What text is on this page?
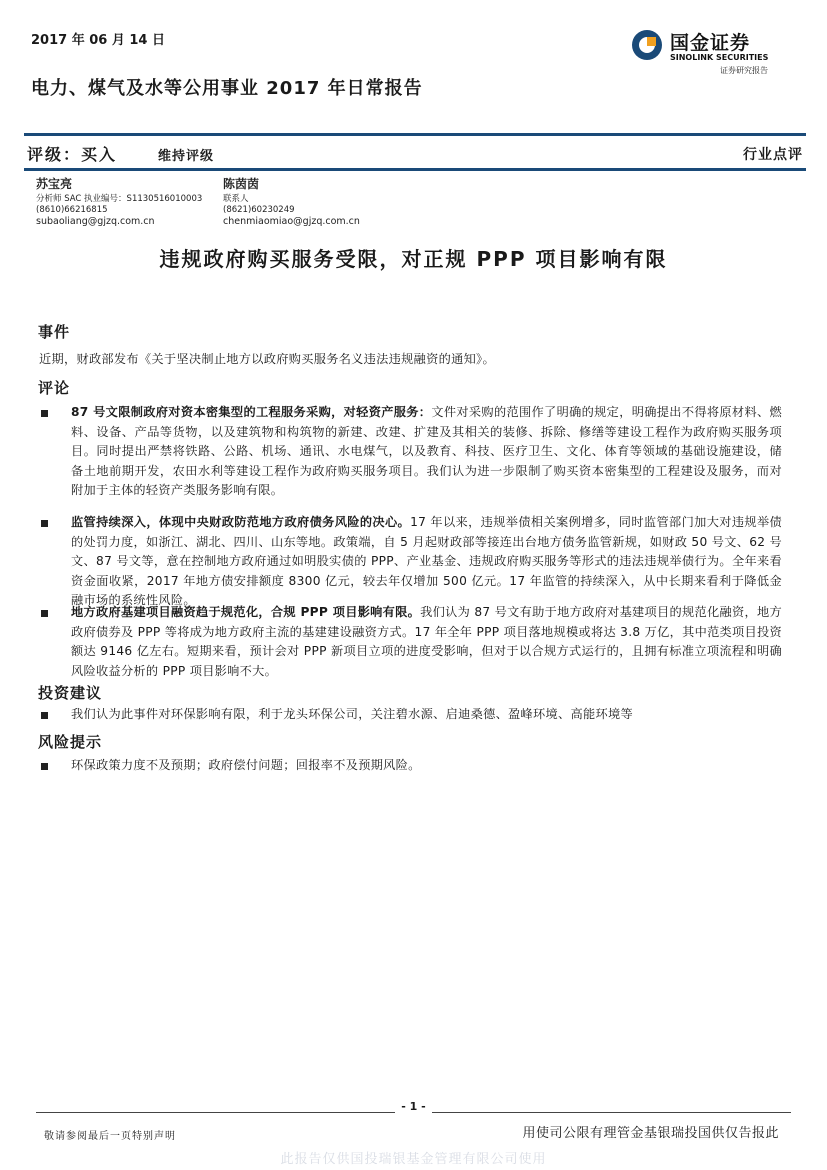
2017 年 06 月 14 日
电力、煤气及水等公用事业 2017 年日常报告
国金证券
SINOLINK SECURITIES
证券研究报告
评级：买入	维持评级	行业点评
苏宝亮
分析师 SAC 执业编号：S1130516010003
(8610)66216815
subaoliang@gjzq.com.cn
陈茵茵
联系人
(8621)60230249
chenmiaomiao@gjzq.com.cn
违规政府购买服务受限，对正规 PPP 项目影响有限
事件
近期，财政部发布《关于坚决制止地方以政府购买服务名义违法违规融资的通知》。
评论
87 号文限制政府对资本密集型的工程服务采购，对轻资产服务：文件对采购的范围作了明确的规定，明确提出不得将原材料、燃料、设备、产品等货物，以及建筑物和构筑物的新建、改建、扩建及其相关的装修、拆除、修缮等建设工程作为政府购买服务项目。同时提出严禁将铁路、公路、机场、通讯、水电煤气，以及教育、科技、医疗卫生、文化、体育等领域的基础设施建设，储备土地前期开发，农田水利等建设工程作为政府购买服务项目。我们认为进一步限制了购买资本密集型的工程建设及服务，而对附加于主体的轻资产类服务影响有限。
监管持续深入，体现中央财政防范地方政府债务风险的决心。17 年以来，违规举债相关案例增多，同时监管部门加大对违规举债的处罚力度，如浙江、湖北、四川、山东等地。政策端，自 5 月起财政部等接连出台地方债务监管新规，如财政 50 号文、62 号文、87 号文等，意在控制地方政府通过如明股实债的 PPP、产业基金、违规政府购买服务等形式的违法违规举债行为。全年来看资金面收紧，2017 年地方债安排额度 8300 亿元，较去年仅增加 500 亿元。17 年监管的持续深入，从中长期来看利于降低金融市场的系统性风险。
地方政府基建项目融资趋于规范化，合规 PPP 项目影响有限。我们认为 87 号文有助于地方政府对基建项目的规范化融资，地方政府债券及 PPP 等将成为地方政府主流的基建建设融资方式。17 年全年 PPP 项目落地规模或将达 3.8 万亿，其中范类项目投资额达 9146 亿左右。短期来看，预计会对 PPP 新项目立项的进度受影响，但对于以合规方式运行的，且拥有标准立项流程和明确风险收益分析的 PPP 项目影响不大。
投资建议
我们认为此事件对环保影响有限，利于龙头环保公司，关注碧水源、启迪桑德、盈峰环境、高能环境等
风险提示
环保政策力度不及预期；政府偿付问题；回报率不及预期风险。
- 1 -
敬请参阅最后一页特别声明	用使司公限有理管金基银瑞投国供仅告报此
此报告仅供国投瑞银基金管理有限公司使用
